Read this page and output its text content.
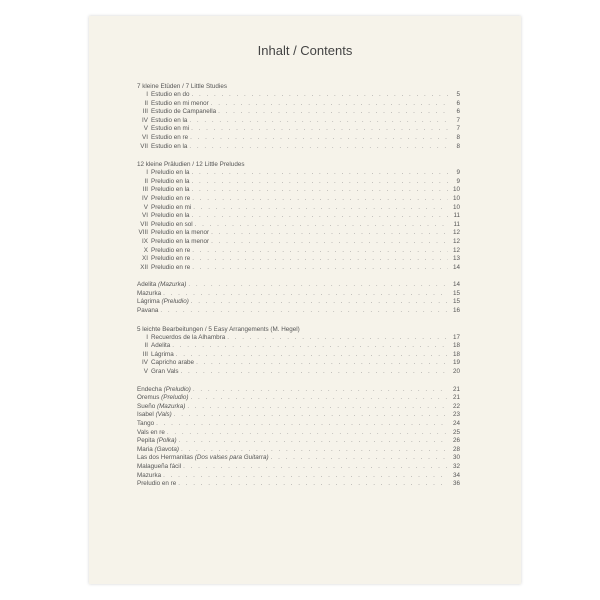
Inhalt / Contents
7 kleine Etüden / 7 Little Studies
I Estudio en do . . .	5
II Estudio en mi menor . . .	6
III Estudio de Campanella . . .	6
IV Estudio en la . . .	7
V Estudio en mi . . .	7
VI Estudio en re . . .	8
VII Estudio en la . . .	8
12 kleine Präludien / 12 Little Preludes
I Preludio en la . . .	9
II Preludio en la . . .	9
III Preludio en la . . .	10
IV Preludio en re . . .	10
V Preludio en mi . . .	10
VI Preludio en la . . .	11
VII Preludio en sol . . .	11
VIII Preludio en la menor . . .	12
IX Preludio en la menor . . .	12
X Preludio en re . . .	12
XI Preludio en re . . .	13
XII Preludio en re . . .	14
Adelita (Mazurka) . . .	14
Mazurka . . .	15
Lágrima (Preludio) . . .	15
Pavana . . .	16
5 leichte Bearbeitungen / 5 Easy Arrangements (M. Hegel)
I Recuerdos de la Alhambra . . .	17
II Adelita . . .	18
III Lágrima . . .	18
IV Capricho arabe . . .	19
V Gran Vals . . .	20
Endecha (Preludio) . . .	21
Oremus (Preludio) . . .	21
Sueño (Mazurka) . . .	22
Isabel (Vals) . . .	23
Tango . . .	24
Vals en re . . .	25
Pepita (Polka) . . .	26
Maria (Gavota) . . .	28
Las dos Hermanitas (Dos valses para Guitarra) . . .	30
Malagueña fácil . . .	32
Mazurka . . .	34
Preludio en re . . .	36
